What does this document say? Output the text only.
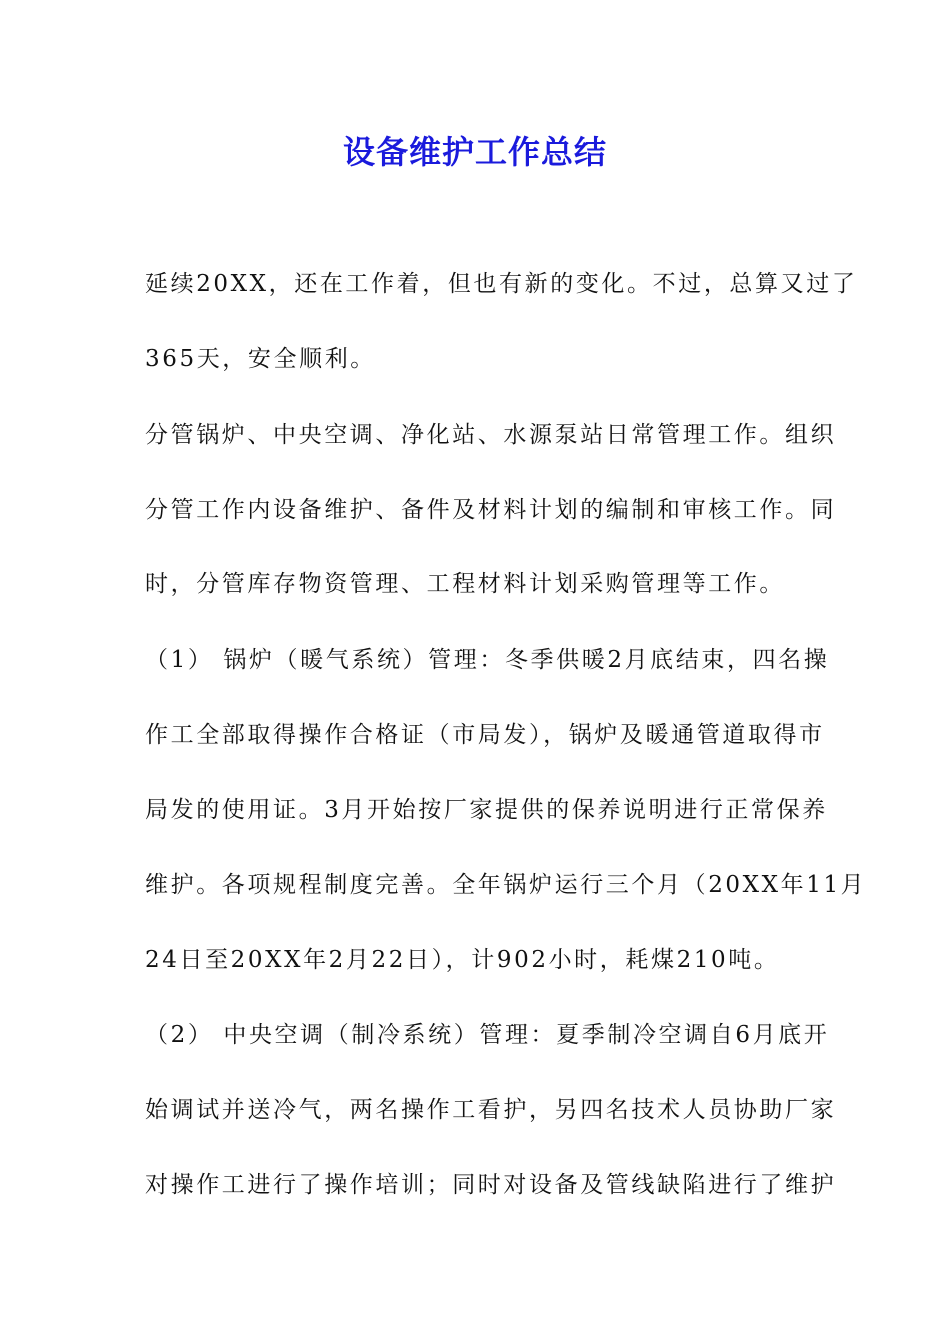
设备维护工作总结
延续20XX，还在工作着，但也有新的变化。不过，总算又过了
365天，安全顺利。
分管锅炉、中央空调、净化站、水源泵站日常管理工作。组织
分管工作内设备维护、备件及材料计划的编制和审核工作。同
时，分管库存物资管理、工程材料计划采购管理等工作。
（1） 锅炉（暖气系统）管理：冬季供暖2月底结束，四名操
作工全部取得操作合格证（市局发），锅炉及暖通管道取得市
局发的使用证。3月开始按厂家提供的保养说明进行正常保养
维护。各项规程制度完善。全年锅炉运行三个月（20XX年11月
24日至20XX年2月22日），计902小时，耗煤210吨。
（2） 中央空调（制冷系统）管理：夏季制冷空调自6月底开
始调试并送冷气，两名操作工看护，另四名技术人员协助厂家
对操作工进行了操作培训；同时对设备及管线缺陷进行了维护
